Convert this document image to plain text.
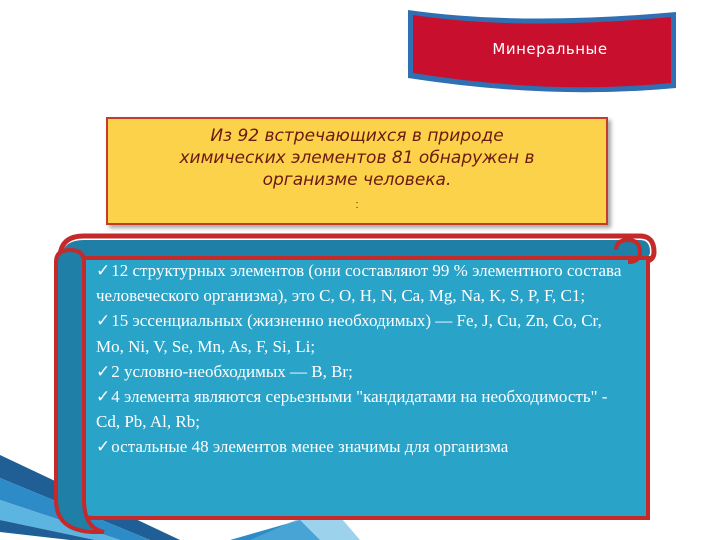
Минеральные
Из 92 встречающихся в природе
химических элементов 81 обнаружен в
организме человека.
:

✓12 структурных элементов (они составляют 99 % элементного состава человеческого организма), это C, O, H, N, Ca, Mg, Na, K, S, P, F, C1;

✓15 эссенциальных (жизненно необходимых) — Fe, J, Cu, Zn, Co, Cr, Mo, Ni, V, Se, Mn, As, F, Si, Li;

✓2 условно-необходимых — B, Br;

✓4 элемента являются серьезными "кандидатами на необходимость" - Cd, Pb, Al, Rb;

✓остальные 48 элементов менее значимы для организма
